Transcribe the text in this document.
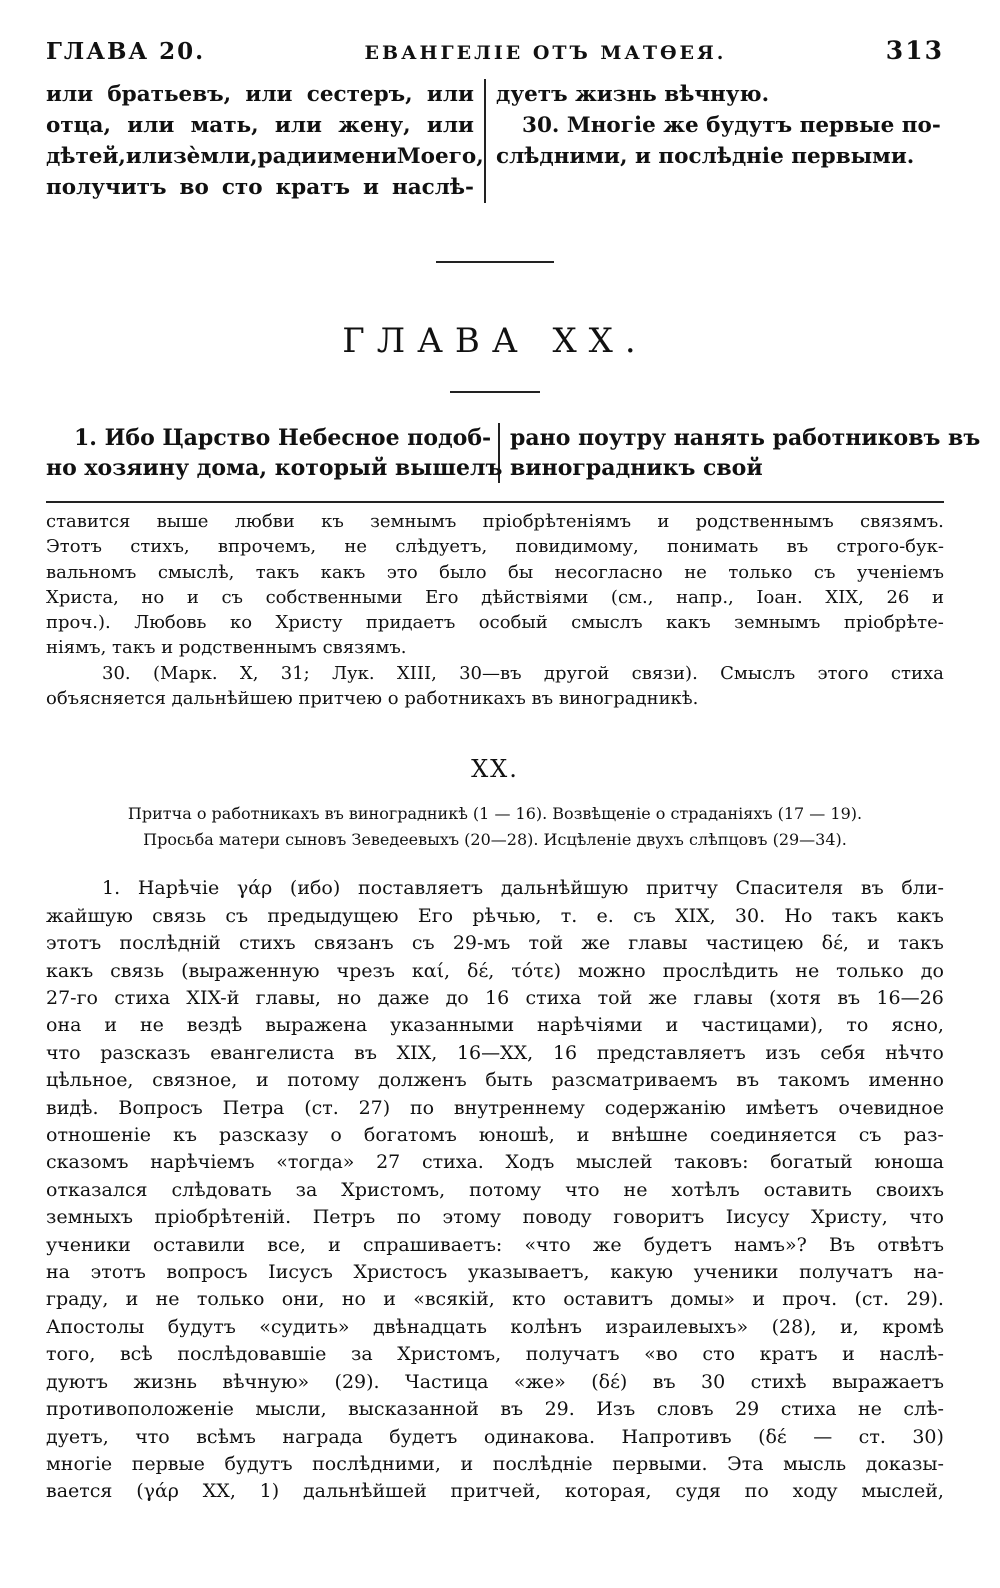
ГЛАВА 20.	ЕВАНГЕЛІЕ ОТЪ МАТѲЕЯ.	313
или братьевъ, или сестеръ, или
отца, или мать, или жену, или
дѣтей, или зѐмли, ради имени Моего,
получитъ во сто кратъ и наслѣ-
дуетъ жизнь вѣчную.
30. Многіе же будутъ первые по-
слѣдними, и послѣдніе первыми.
ГЛАВА XX.
1. Ибо Царство Небесное подоб-
но хозяину дома, который вышелъ
рано поутру нанять работниковъ въ
виноградникъ свой
ставится выше любви къ земнымъ пріобрѣтеніямъ и родственнымъ связямъ.
Этотъ стихъ, впрочемъ, не слѣдуетъ, повидимому, понимать въ строго-бук-
вальномъ смыслѣ, такъ какъ это было бы несогласно не только съ ученіемъ
Христа, но и съ собственными Его дѣйствіями (см., напр., Іоан. XIX, 26 и
проч.). Любовь ко Христу придаетъ особый смыслъ какъ земнымъ пріобрѣте-
ніямъ, такъ и родственнымъ связямъ.
30. (Марк. X, 31; Лук. XIII, 30—въ другой связи). Смыслъ этого стиха
объясняется дальнѣйшею притчею о работникахъ въ виноградникѣ.
XX.
Притча о работникахъ въ виноградникѣ (1 — 16). Возвѣщеніе о страданіяхъ (17 — 19).
Просьба матери сыновъ Зеведеевыхъ (20—28). Исцѣленіе двухъ слѣпцовъ (29—34).
1. Нарѣчіе γάρ (ибо) поставляетъ дальнѣйшую притчу Спасителя въ бли-
жайшую связь съ предыдущею Его рѣчью, т. е. съ XIX, 30. Но такъ какъ
этотъ послѣдній стихъ связанъ съ 29-мъ той же главы частицею δέ, и такъ
какъ связь (выраженную чрезъ καί, δέ, τότε) можно прослѣдить не только до
27-го стиха XIX-й главы, но даже до 16 стиха той же главы (хотя въ 16—26
она и не вездѣ выражена указанными нарѣчіями и частицами), то ясно,
что разсказъ евангелиста въ XIX, 16—XX, 16 представляетъ изъ себя нѣчто
цѣльное, связное, и потому долженъ быть разсматриваемъ въ такомъ именно
видѣ. Вопросъ Петра (ст. 27) по внутреннему содержанію имѣетъ очевидное
отношеніе къ разсказу о богатомъ юношѣ, и внѣшне соединяется съ раз-
сказомъ нарѣчіемъ «тогда» 27 стиха. Ходъ мыслей таковъ: богатый юноша
отказался слѣдовать за Христомъ, потому что не хотѣлъ оставить своихъ
земныхъ пріобрѣтеній. Петръ по этому поводу говоритъ Іисусу Христу, что
ученики оставили все, и спрашиваетъ: «что же будетъ намъ»? Въ отвѣтъ
на этотъ вопросъ Іисусъ Христосъ указываетъ, какую ученики получатъ на-
граду, и не только они, но и «всякій, кто оставитъ домы» и проч. (ст. 29).
Апостолы будутъ «судить» двѣнадцать колѣнъ израилевыхъ» (28), и, кромѣ
того, всѣ послѣдовавшіе за Христомъ, получатъ «во сто кратъ и наслѣ-
дуютъ жизнь вѣчную» (29). Частица «же» (δέ) въ 30 стихѣ выражаетъ
противоположеніе мысли, высказанной въ 29. Изъ словъ 29 стиха не слѣ-
дуетъ, что всѣмъ награда будетъ одинакова. Напротивъ (δέ — ст. 30)
многіе первые будутъ послѣдними, и послѣдніе первыми. Эта мысль доказы-
вается (γάρ XX, 1) дальнѣйшей притчей, которая, судя по ходу мыслей,
